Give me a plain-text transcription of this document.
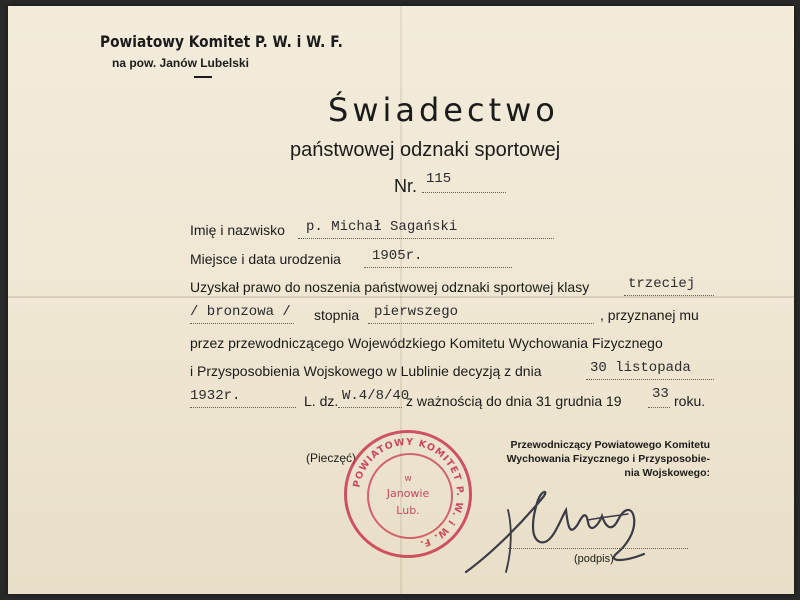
Powiatowy Komitet P. W. i W. F.
na pow. Janów Lubelski
Świadectwo
państwowej odznaki sportowej
Nr. 115
Imię i nazwisko p. Michał Sagański
Miejsce i data urodzenia 1905r.
Uzyskał prawo do noszenia państwowej odznaki sportowej klasy	trzeciej
/ bronzowa / stopnia pierwszego	, przyznanej mu
przez przewodniczącego Wojewódzkiego Komitetu Wychowania Fizycznego
i Przysposobienia Wojskowego w Lublinie decyzją z dnia	30 listopada
1932r.	L. dz. W.4/8/40
z ważnością do dnia 31 grudnia 19 33 roku.
(Pieczęć)
POWIATOWY KOMITET P. W. i W. F.
w
Janowie
Lub.
Przewodniczący Powiatowego Komitetu
Wychowania Fizycznego i Przysposobie-
nia Wojskowego:
(podpis)
